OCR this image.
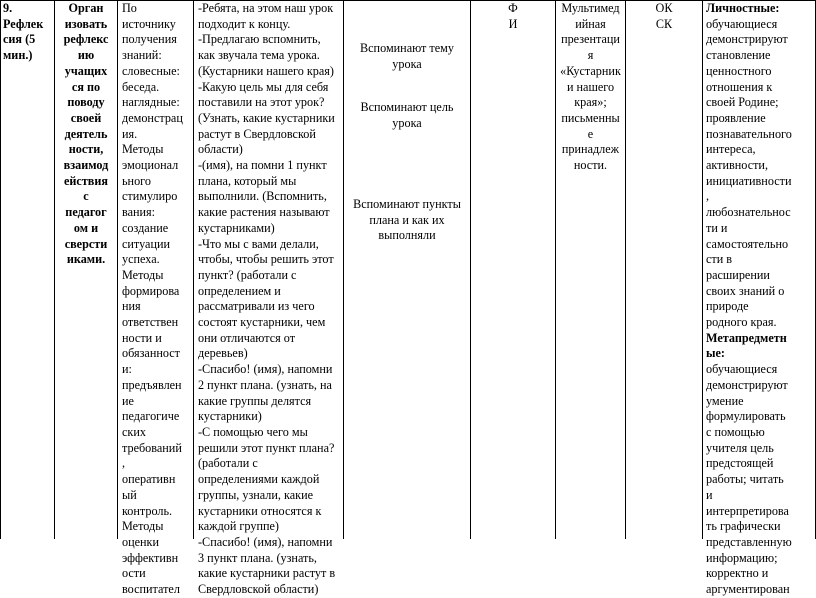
9.
Рефлек
сия (5
мин.)
Орган
изовать
рефлекс
ию
учащих
ся по
поводу
своей
деятель
ности,
взаимод
ействия
с
педагог
ом и
сверсти
иками.
По
источнику
получения
знаний:
словесные:
беседа.
наглядные:
демонстрац
ия.
Методы
эмоционал
ьного
стимулиро
вания:
создание
ситуации
успеха.
Методы
формирова
ния
ответствен
ности и
обязанност
и:
предъявлен
ие
педагогиче
ских
требований
,
оперативн
ый
контроль.
Методы
оценки
эффективн
ости
воспитател
-Ребята, на этом наш урок
подходит к концу.
-Предлагаю вспомнить,
как звучала тема урока.
(Кустарники нашего края)
-Какую цель мы для себя
поставили на этот урок?
(Узнать, какие кустарники
растут в Свердловской
области)
-(имя), на помни 1 пункт
плана, который мы
выполнили. (Вспомнить,
какие растения называют
кустарниками)
-Что мы с вами делали,
чтобы, чтобы решить этот
пункт? (работали с
определением и
рассматривали из чего
состоят кустарники, чем
они отличаются от
деревьев)
-Спасибо! (имя), напомни
2 пункт плана. (узнать, на
какие группы делятся
кустарники)
-С помощью чего мы
решили этот пункт плана?
(работали с
определениями каждой
группы, узнали, какие
кустарники относятся к
каждой группе)
-Спасибо! (имя), напомни
3 пункт плана. (узнать,
какие кустарники растут в
Свердловской области)
Вспоминают тему
урока
Вспоминают цель
урока
Вспоминают пункты
плана и как их
выполняли
Ф
И
Мультимед
ийная
презентаци
я
«Кустарник
и нашего
края»;
письменны
е
принадлеж
ности.
ОК
СК
Личностные:
обучающиеся
демонстрируют
становление
ценностного
отношения к
своей Родине;
проявление
познавательного
интереса,
активности,
инициативности
,
любознательнос
ти и
самостоятельно
сти в
расширении
своих знаний о
природе
родного края.
Метапредметн
ые:
обучающиеся
демонстрируют
умение
формулировать
с помощью
учителя цель
предстоящей
работы; читать
и
интерпретирова
ть графически
представленную
информацию;
корректно и
аргументирован
